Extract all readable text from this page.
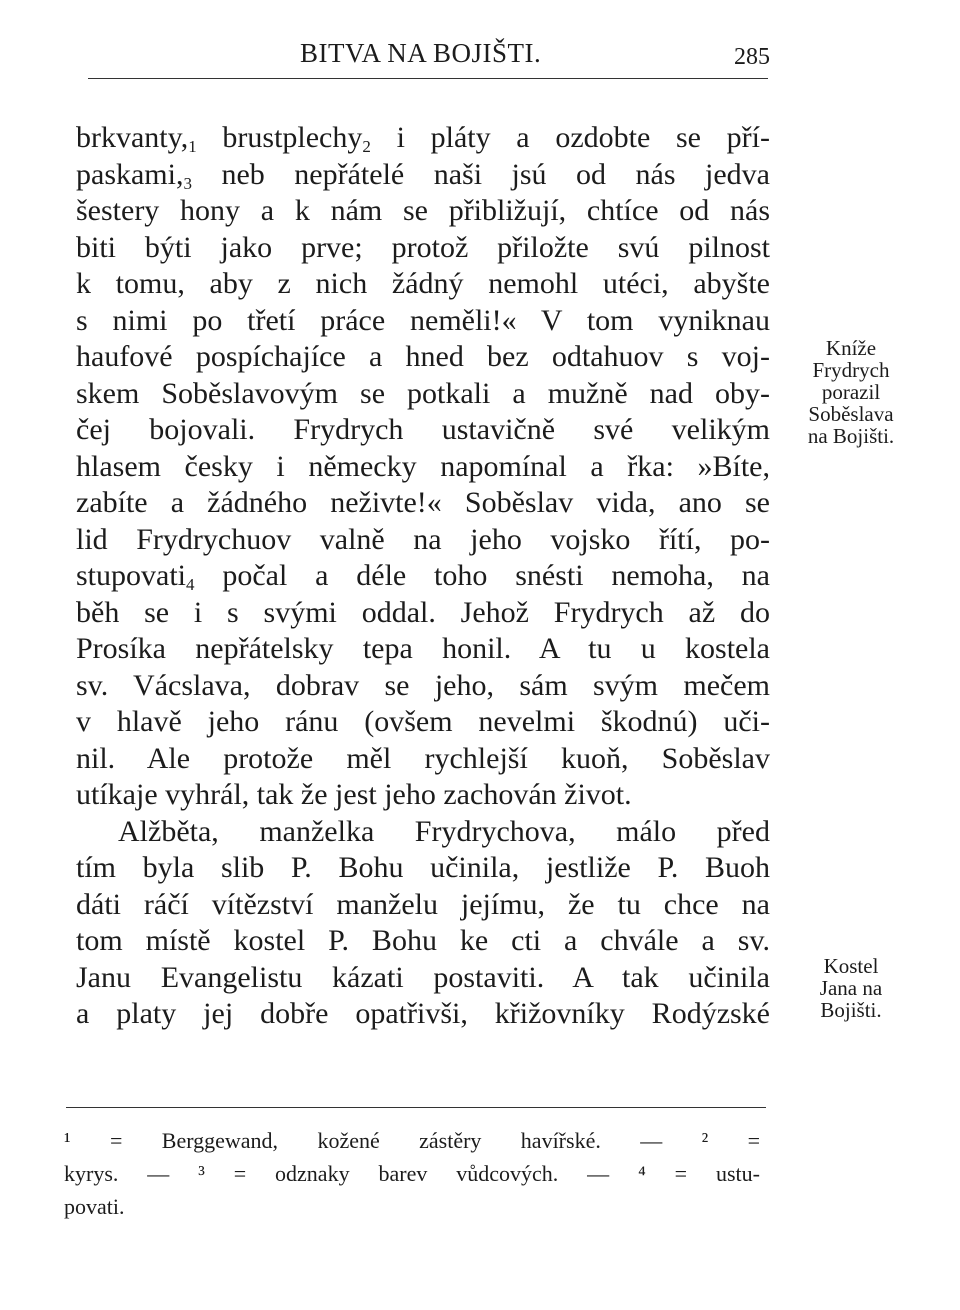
BITVA NA BOJIŠTI.	285
$brkvanty,_1$ brustplechy$_2$ i pláty a ozdobte se pří-
$paskami,_3$ neb nepřátelé naši jsú od nás jedva
šestery hony a k nám se přibližují, chtíce od nás
biti býti jako prve; protož přiložte svú pilnost
k tomu, aby z nich žádný nemohl utéci, abyšte
s nimi po třetí práce neměli!« V tom vyniknau
haufové pospíchajíce a hned bez odtahuov s voj-
skem Soběslavovým se potkali a mužně nad oby-
čej bojovali. Frydrych ustavičně své velikým
hlasem česky i německy napomínal a řka: »Bíte,
zabíte a žádného neživte!« Soběslav vida, ano se
lid Frydrychuov valně na jeho vojsko řítí, po-
stupovati$_4$ počal a déle toho snésti nemoha, na
běh se i s svými oddal. Jehož Frydrych až do
Prosíka nepřátelsky tepa honil. A tu u kostela
sv. Vácslava, dobrav se jeho, sám svým mečem
v hlavě jeho ránu (ovšem nevelmi škodnú) uči-
nil. Ale protože měl rychlejší kuoň, Soběslav
utíkaje vyhrál, tak že jest jeho zachován život.
Alžběta, manželka Frydrychova, málo před
tím byla slib P. Bohu učinila, jestliže P. Buoh
dáti ráčí vítězství manželu jejímu, že tu chce na
tom místě kostel P. Bohu ke cti a chvále a sv.
Janu Evangelistu kázati postaviti. A tak učinila
a platy jej dobře opatřivši, křižovníky Rodýzské
Kníže
Frydrych
porazil
Soběslava
na Bojišti.
Kostel
Jana na
Bojišti.
¹ = Berggewand, kožené zástěry havířské. — ² =
kyrys. — ³ = odznaky barev vůdcových. — ⁴ = ustu-
povati.
